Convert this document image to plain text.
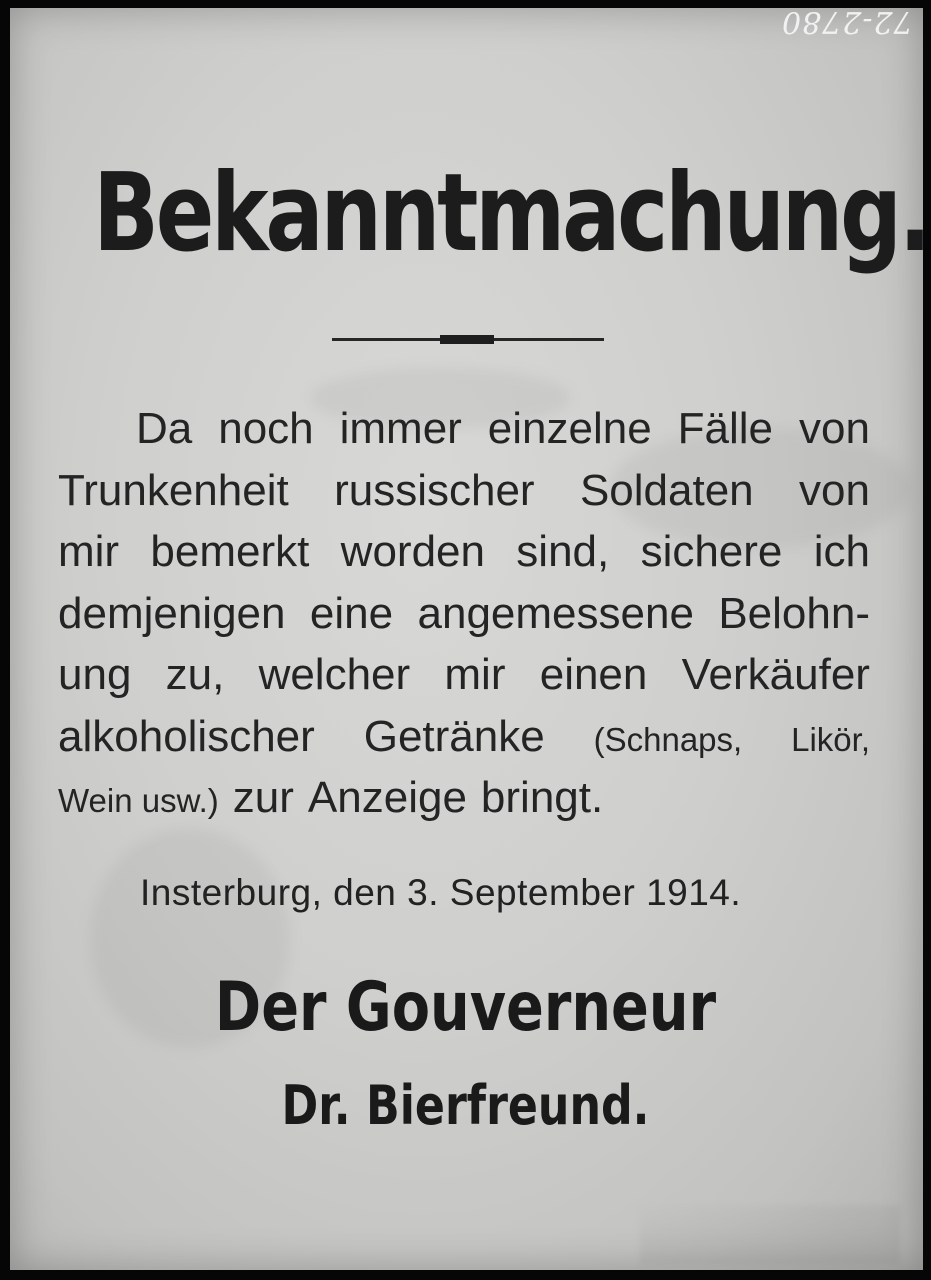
72-2780
Bekanntmachung.
Da noch immer einzelne Fälle von
Trunkenheit russischer Soldaten von
mir bemerkt worden sind, sichere ich
demjenigen eine angemessene Belohn-
ung zu, welcher mir einen Verkäufer
alkoholischer Getränke (Schnaps, Likör,
Wein usw.) zur Anzeige bringt.
Insterburg, den 3. September 1914.
Der Gouverneur
Dr. Bierfreund.
